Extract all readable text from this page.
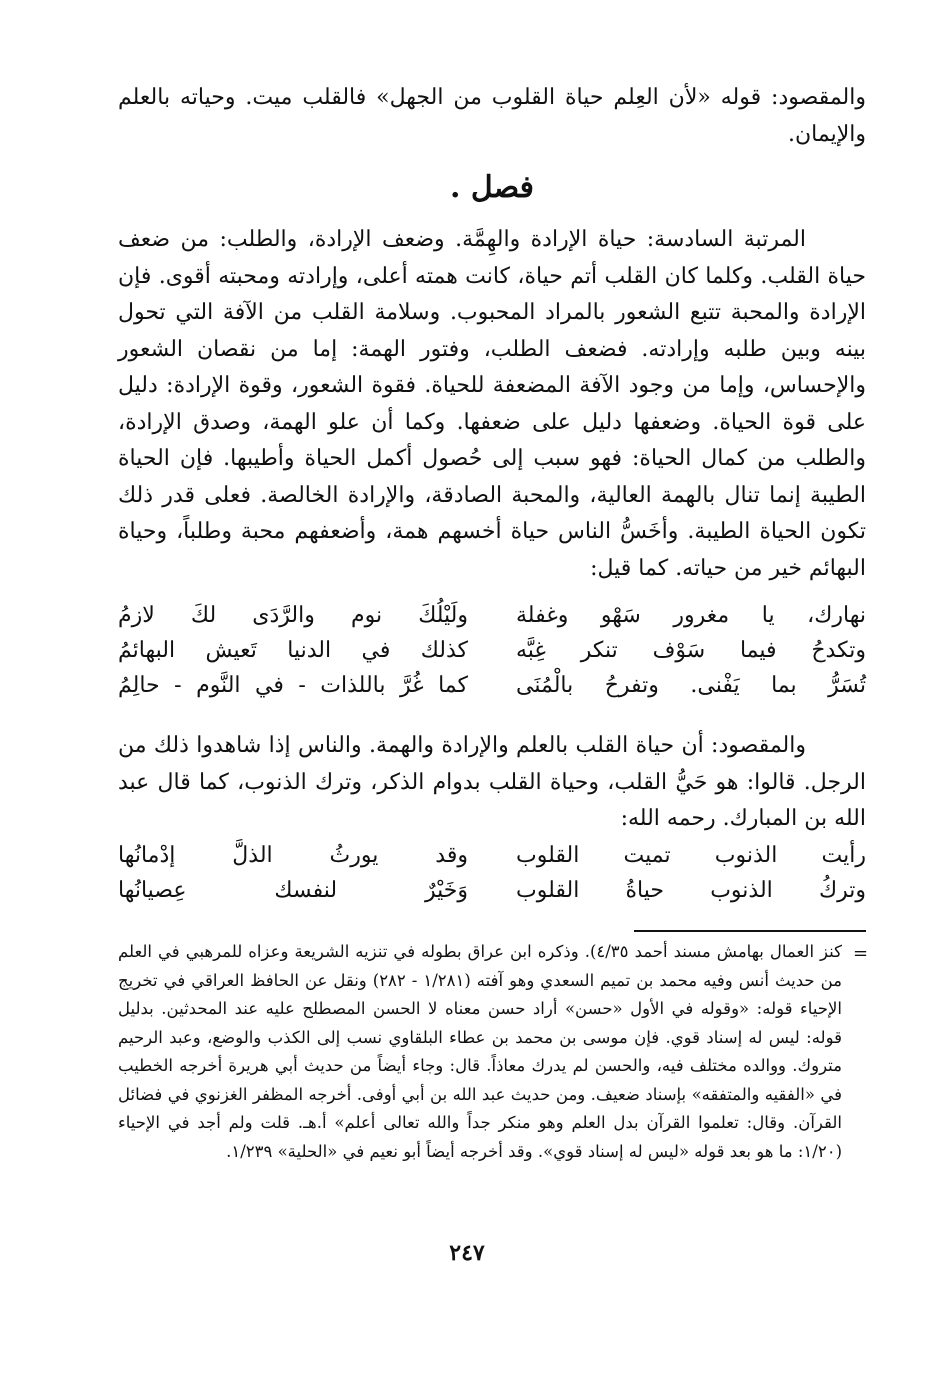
والمقصود: قوله «لأن العِلم حياة القلوب من الجهل» فالقلب ميت. وحياته بالعلم والإيمان.

فصل .

المرتبة السادسة: حياة الإرادة والهِمَّة. وضعف الإرادة، والطلب: من ضعف حياة القلب. وكلما كان القلب أتم حياة، كانت همته أعلى، وإرادته ومحبته أقوى. فإن الإرادة والمحبة تتبع الشعور بالمراد المحبوب. وسلامة القلب من الآفة التي تحول بينه وبين طلبه وإرادته. فضعف الطلب، وفتور الهمة: إما من نقصان الشعور والإحساس، وإما من وجود الآفة المضعفة للحياة. فقوة الشعور، وقوة الإرادة: دليل على قوة الحياة. وضعفها دليل على ضعفها. وكما أن علو الهمة، وصدق الإرادة، والطلب من كمال الحياة: فهو سبب إلى حُصول أكمل الحياة وأطيبها. فإن الحياة الطيبة إنما تنال بالهمة العالية، والمحبة الصادقة، والإرادة الخالصة. فعلى قدر ذلك تكون الحياة الطيبة. وأخَسُّ الناس حياة أخسهم همة، وأضعفهم محبة وطلباً، وحياة البهائم خير من حياته. كما قيل:

نهارك، يا مغرور سَهْو وغفلة
ولَيْلُكَ نوم والرَّدَى لكَ لازمُ
وتكدحُ فيما سَوْف تنكر غِبَّه
كذلك في الدنيا تَعيش البهائمُ
تُسَرُّ بما يَفْنى. وتفرحُ بالْمُنَى
كما غُرَّ باللذات - في النَّوم - حالِمُ

والمقصود: أن حياة القلب بالعلم والإرادة والهمة. والناس إذا شاهدوا ذلك من الرجل. قالوا: هو حَيُّ القلب، وحياة القلب بدوام الذكر، وترك الذنوب، كما قال عبد الله بن المبارك. رحمه الله:

رأيت الذنوب تميت القلوب
وقد يورثُ الذلَّ إدْمانُها
وتركُ الذنوب حياةُ القلوب
وَخَيْرٌ لنفسك عِصيانُها
=

كنز العمال بهامش مسند أحمد ٤/٣٥). وذكره ابن عراق بطوله في تنزيه الشريعة وعزاه للمرهبي في العلم من حديث أنس وفيه محمد بن تميم السعدي وهو آفته (١/٢٨١ - ٢٨٢) ونقل عن الحافظ العراقي في تخريج الإحياء قوله: «وقوله في الأول «حسن» أراد حسن معناه لا الحسن المصطلح عليه عند المحدثين. بدليل قوله: ليس له إسناد قوي. فإن موسى بن محمد بن عطاء البلقاوي نسب إلى الكذب والوضع، وعبد الرحيم متروك. ووالده مختلف فيه، والحسن لم يدرك معاذاً. قال: وجاء أيضاً من حديث أبي هريرة أخرجه الخطيب في «الفقيه والمتفقه» بإسناد ضعيف. ومن حديث عبد الله بن أبي أوفى. أخرجه المظفر الغزنوي في فضائل القرآن. وقال: تعلموا القرآن بدل العلم وهو منكر جداً والله تعالى أعلم» أ.هـ. قلت ولم أجد في الإحياء (١/٢٠: ما هو بعد قوله «ليس له إسناد قوي». وقد أخرجه أيضاً أبو نعيم في «الحلية» ١/٢٣٩.

٢٤٧
